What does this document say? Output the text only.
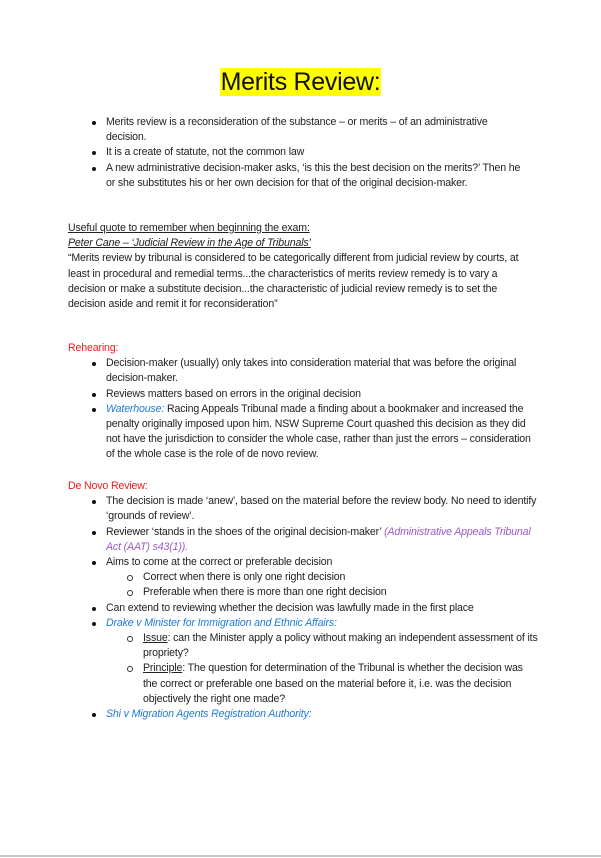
Merits Review:
Merits review is a reconsideration of the substance – or merits – of an administrative decision.
It is a create of statute, not the common law
A new administrative decision-maker asks, ‘is this the best decision on the merits?’ Then he or she substitutes his or her own decision for that of the original decision-maker.
Useful quote to remember when beginning the exam:
Peter Cane – ‘Judicial Review in the Age of Tribunals’
“Merits review by tribunal is considered to be categorically different from judicial review by courts, at least in procedural and remedial terms...the characteristics of merits review remedy is to vary a decision or make a substitute decision...the characteristic of judicial review remedy is to set the decision aside and remit it for reconsideration”
Rehearing:
Decision-maker (usually) only takes into consideration material that was before the original decision-maker.
Reviews matters based on errors in the original decision
Waterhouse: Racing Appeals Tribunal made a finding about a bookmaker and increased the penalty originally imposed upon him. NSW Supreme Court quashed this decision as they did not have the jurisdiction to consider the whole case, rather than just the errors – consideration of the whole case is the role of de novo review.
De Novo Review:
The decision is made ‘anew’, based on the material before the review body. No need to identify ‘grounds of review’.
Reviewer ‘stands in the shoes of the original decision-maker’ (Administrative Appeals Tribunal Act (AAT) s43(1)).
Aims to come at the correct or preferable decision
Correct when there is only one right decision
Preferable when there is more than one right decision
Can extend to reviewing whether the decision was lawfully made in the first place
Drake v Minister for Immigration and Ethnic Affairs:
Issue: can the Minister apply a policy without making an independent assessment of its propriety?
Principle: The question for determination of the Tribunal is whether the decision was the correct or preferable one based on the material before it, i.e. was the decision objectively the right one made?
Shi v Migration Agents Registration Authority:
